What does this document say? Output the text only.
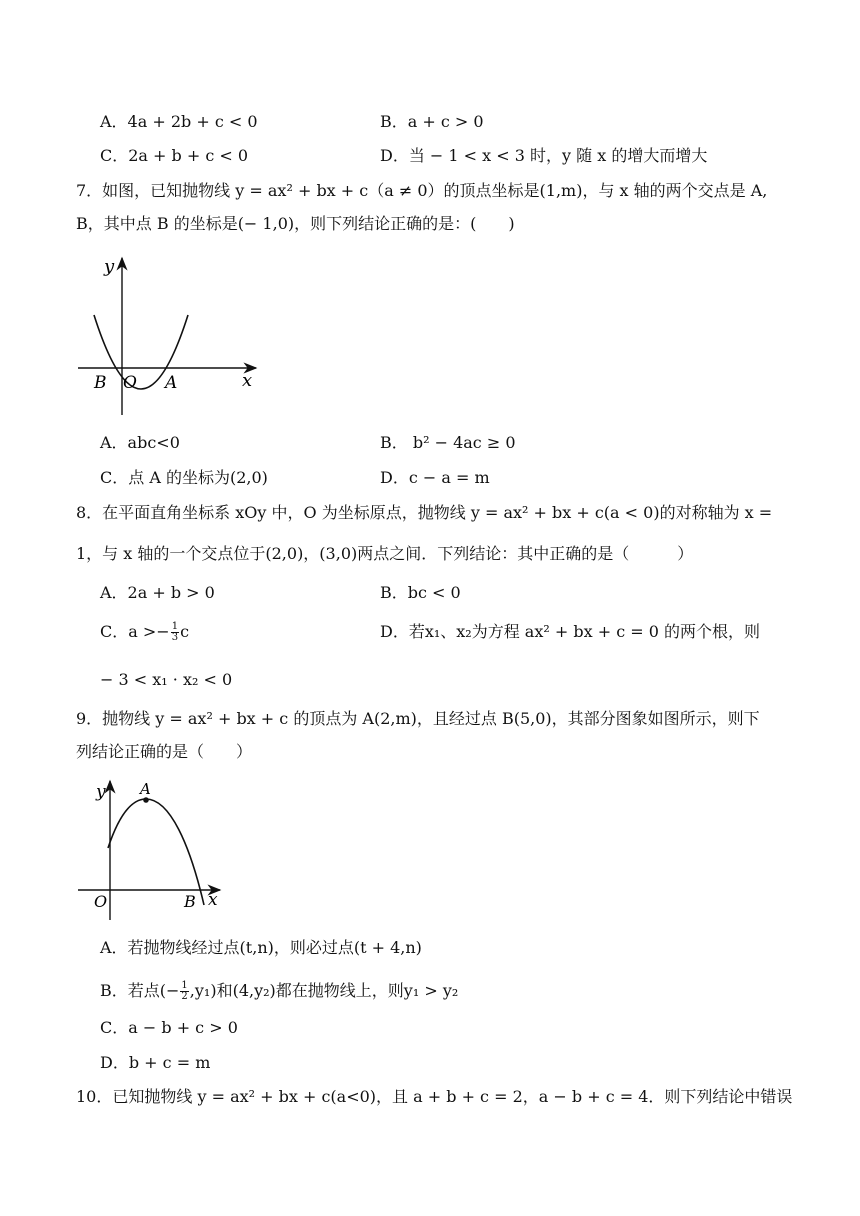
A．4a + 2b + c < 0	B．a + c > 0
C．2a + b + c < 0	D．当 − 1 < x < 3 时，y 随 x 的增大而增大
7．如图，已知抛物线 y = ax² + bx + c（a ≠ 0）的顶点坐标是(1,m)，与 x 轴的两个交点是 A,
B，其中点 B 的坐标是(− 1,0)，则下列结论正确的是：(　　)
y
x
B O A
A．abc<0	B． b² − 4ac ≥ 0
C．点 A 的坐标为(2,0)	D．c − a = m
8．在平面直角坐标系 xOy 中，O 为坐标原点，抛物线 y = ax² + bx + c(a < 0)的对称轴为 x =
1，与 x 轴的一个交点位于(2,0)，(3,0)两点之间．下列结论：其中正确的是（　　　）
A．2a + b > 0	B．bc < 0
C．$a >- \frac{1}{3}$ c	D．若x₁、x₂为方程 ax² + bx + c = 0 的两个根，则
− 3 < x₁ · x₂ < 0
9．抛物线 y = ax² + bx + c 的顶点为 A(2,m)，且经过点 B(5,0)，其部分图象如图所示，则下
列结论正确的是（　　）
y A
x
O	B
A．若抛物线经过点(t,n)，则必过点(t + 4,n)
B．若点(− $\frac{1}{2} ,y_1$)和(4,y₂)都在抛物线上，则y₁ > y₂
C．a − b + c > 0
D．b + c = m
10．已知抛物线 y = ax² + bx + c(a<0)，且 a + b + c = 2，a − b + c = 4．则下列结论中错误
